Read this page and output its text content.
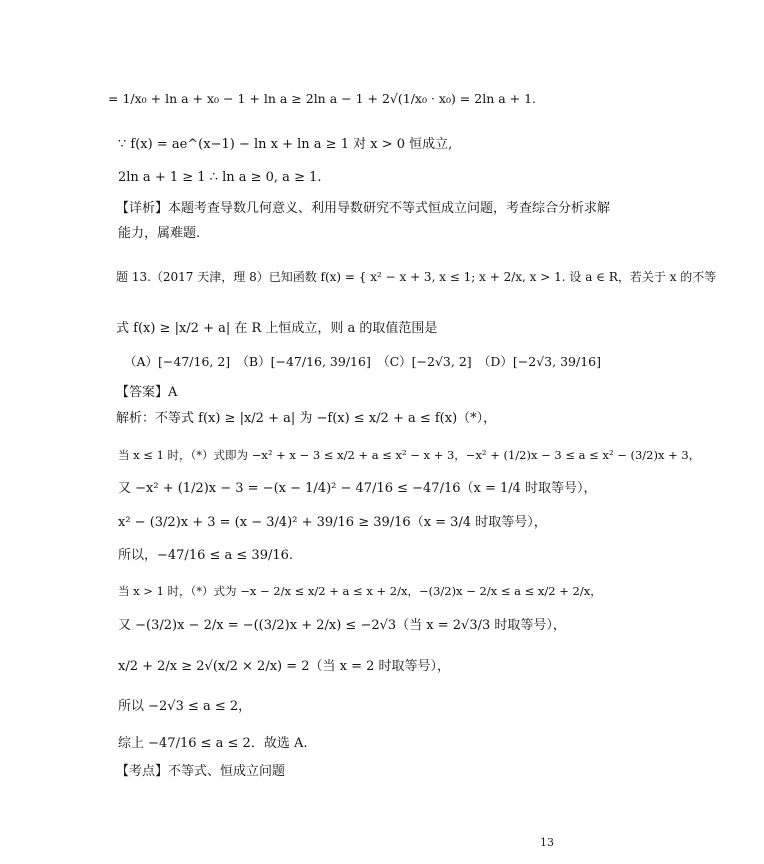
= 1/x₀ + ln a + x₀ − 1 + ln a ≥ 2ln a − 1 + 2√(1/x₀ · x₀) = 2ln a + 1.
∵ f(x) = ae^(x−1) − ln x + ln a ≥ 1 对 x > 0 恒成立,
2ln a + 1 ≥ 1 ∴ ln a ≥ 0, a ≥ 1.
【详析】本题考查导数几何意义、利用导数研究不等式恒成立问题，考查综合分析求解
能力，属难题.
题 13.（2017 天津，理 8）已知函数 f(x) = { x² − x + 3, x ≤ 1; x + 2/x, x > 1. 设 a ∈ R，若关于 x 的不等
式 f(x) ≥ |x/2 + a| 在 R 上恒成立，则 a 的取值范围是
（A）[−47/16, 2]　（B）[−47/16, 39/16]　（C）[−2√3, 2]　（D）[−2√3, 39/16]
【答案】A
解析：不等式 f(x) ≥ |x/2 + a| 为 −f(x) ≤ x/2 + a ≤ f(x)（*），
当 x ≤ 1 时，（*）式即为 −x² + x − 3 ≤ x/2 + a ≤ x² − x + 3，−x² + (1/2)x − 3 ≤ a ≤ x² − (3/2)x + 3，
又 −x² + (1/2)x − 3 = −(x − 1/4)² − 47/16 ≤ −47/16（x = 1/4 时取等号），
x² − (3/2)x + 3 = (x − 3/4)² + 39/16 ≥ 39/16（x = 3/4 时取等号），
所以，−47/16 ≤ a ≤ 39/16.
当 x > 1 时，（*）式为 −x − 2/x ≤ x/2 + a ≤ x + 2/x，−(3/2)x − 2/x ≤ a ≤ x/2 + 2/x，
又 −(3/2)x − 2/x = −((3/2)x + 2/x) ≤ −2√3（当 x = 2√3/3 时取等号），
x/2 + 2/x ≥ 2√(x/2 × 2/x) = 2（当 x = 2 时取等号），
所以 −2√3 ≤ a ≤ 2，
综上 −47/16 ≤ a ≤ 2．故选 A.
【考点】不等式、恒成立问题
13
